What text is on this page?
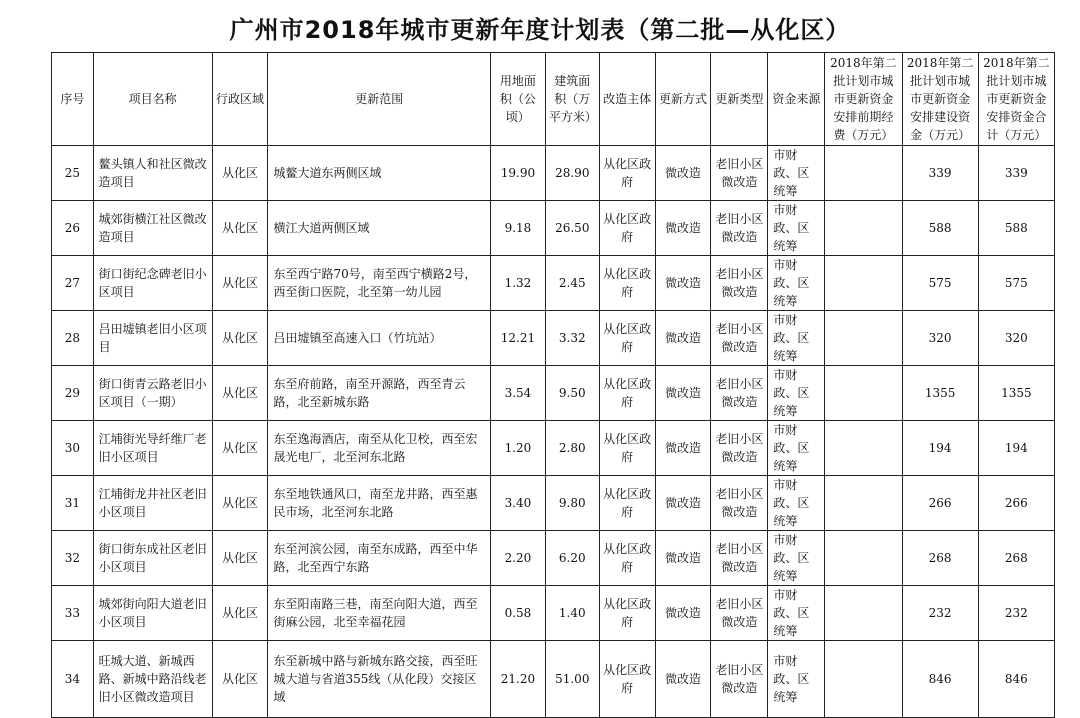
广州市2018年城市更新年度计划表（第二批—从化区）
序号	项目名称	行政区域	更新范围	用地面积（公顷）	建筑面积（万平方米）	改造主体	更新方式	更新类型	资金来源	2018年第二批计划市城市更新资金安排前期经费（万元）	2018年第二批计划市城市更新资金安排建设资金（万元）	2018年第二批计划市城市更新资金安排资金合计（万元）
25	鳌头镇人和社区微改造项目	从化区	城鳌大道东两侧区域	19.90	28.90	从化区政府	微改造	老旧小区微改造	市财政、区统筹		339	339
26	城郊街横江社区微改造项目	从化区	横江大道两侧区域	9.18	26.50	从化区政府	微改造	老旧小区微改造	市财政、区统筹		588	588
27	街口街纪念碑老旧小区项目	从化区	东至西宁路70号，南至西宁横路2号，西至街口医院，北至第一幼儿园	1.32	2.45	从化区政府	微改造	老旧小区微改造	市财政、区统筹		575	575
28	吕田墟镇老旧小区项目	从化区	吕田墟镇至高速入口（竹坑站）	12.21	3.32	从化区政府	微改造	老旧小区微改造	市财政、区统筹		320	320
29	街口街青云路老旧小区项目（一期）	从化区	东至府前路，南至开源路，西至青云路，北至新城东路	3.54	9.50	从化区政府	微改造	老旧小区微改造	市财政、区统筹		1355	1355
30	江埔街光导纤维厂老旧小区项目	从化区	东至逸海酒店，南至从化卫校，西至宏晟光电厂，北至河东北路	1.20	2.80	从化区政府	微改造	老旧小区微改造	市财政、区统筹		194	194
31	江埔街龙井社区老旧小区项目	从化区	东至地铁通风口，南至龙井路，西至惠民市场，北至河东北路	3.40	9.80	从化区政府	微改造	老旧小区微改造	市财政、区统筹		266	266
32	街口街东成社区老旧小区项目	从化区	东至河滨公园，南至东成路，西至中华路，北至西宁东路	2.20	6.20	从化区政府	微改造	老旧小区微改造	市财政、区统筹		268	268
33	城郊街向阳大道老旧小区项目	从化区	东至阳南路三巷，南至向阳大道，西至街麻公园，北至幸福花园	0.58	1.40	从化区政府	微改造	老旧小区微改造	市财政、区统筹		232	232
34	旺城大道、新城西路、新城中路沿线老旧小区微改造项目	从化区	东至新城中路与新城东路交接，西至旺城大道与省道355线（从化段）交接区域	21.20	51.00	从化区政府	微改造	老旧小区微改造	市财政、区统筹		846	846
